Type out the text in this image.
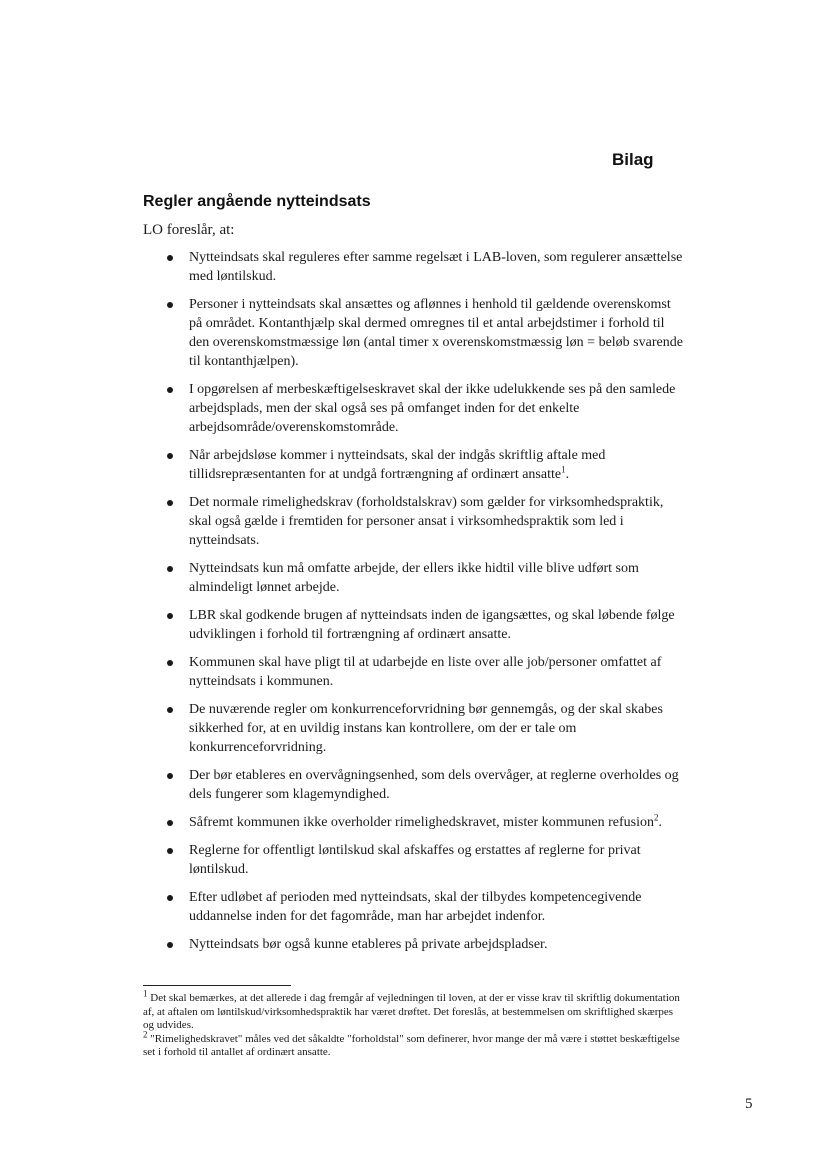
Bilag
Regler angående nytteindsats
LO foreslår, at:
Nytteindsats skal reguleres efter samme regelsæt i LAB-loven, som regulerer ansættelse med løntilskud.
Personer i nytteindsats skal ansættes og aflønnes i henhold til gældende overenskomst på området. Kontanthjælp skal dermed omregnes til et antal arbejdstimer i forhold til den overenskomstmæssige løn (antal timer x overenskomstmæssig løn = beløb svarende til kontanthjælpen).
I opgørelsen af merbeskæftigelseskravet skal der ikke udelukkende ses på den samlede arbejdsplads, men der skal også ses på omfanget inden for det enkelte arbejdsområde/overenskomstområde.
Når arbejdsløse kommer i nytteindsats, skal der indgås skriftlig aftale med tillidsrepræsentanten for at undgå fortrængning af ordinært ansatte$^1$.
Det normale rimelighedskrav (forholdstalskrav) som gælder for virksomhedspraktik, skal også gælde i fremtiden for personer ansat i virksomhedspraktik som led i nytteindsats.
Nytteindsats kun må omfatte arbejde, der ellers ikke hidtil ville blive udført som almindeligt lønnet arbejde.
LBR skal godkende brugen af nytteindsats inden de igangsættes, og skal løbende følge udviklingen i forhold til fortrængning af ordinært ansatte.
Kommunen skal have pligt til at udarbejde en liste over alle job/personer omfattet af nytteindsats i kommunen.
De nuværende regler om konkurrenceforvridning bør gennemgås, og der skal skabes sikkerhed for, at en uvildig instans kan kontrollere, om der er tale om konkurrenceforvridning.
Der bør etableres en overvågningsenhed, som dels overvåger, at reglerne overholdes og dels fungerer som klagemyndighed.
Såfremt kommunen ikke overholder rimelighedskravet, mister kommunen refusion$^2$.
Reglerne for offentligt løntilskud skal afskaffes og erstattes af reglerne for privat løntilskud.
Efter udløbet af perioden med nytteindsats, skal der tilbydes kompetencegivende uddannelse inden for det fagområde, man har arbejdet indenfor.
Nytteindsats bør også kunne etableres på private arbejdspladser.

$^1$ Det skal bemærkes, at det allerede i dag fremgår af vejledningen til loven, at der er visse krav til skriftlig dokumentation af, at aftalen om løntilskud/virksomhedspraktik har været drøftet. Det foreslås, at bestemmelsen om skriftlighed skærpes og udvides.

$^2$ "Rimelighedskravet" måles ved det såkaldte "forholdstal" som definerer, hvor mange der må være i støttet beskæftigelse set i forhold til antallet af ordinært ansatte.

5
